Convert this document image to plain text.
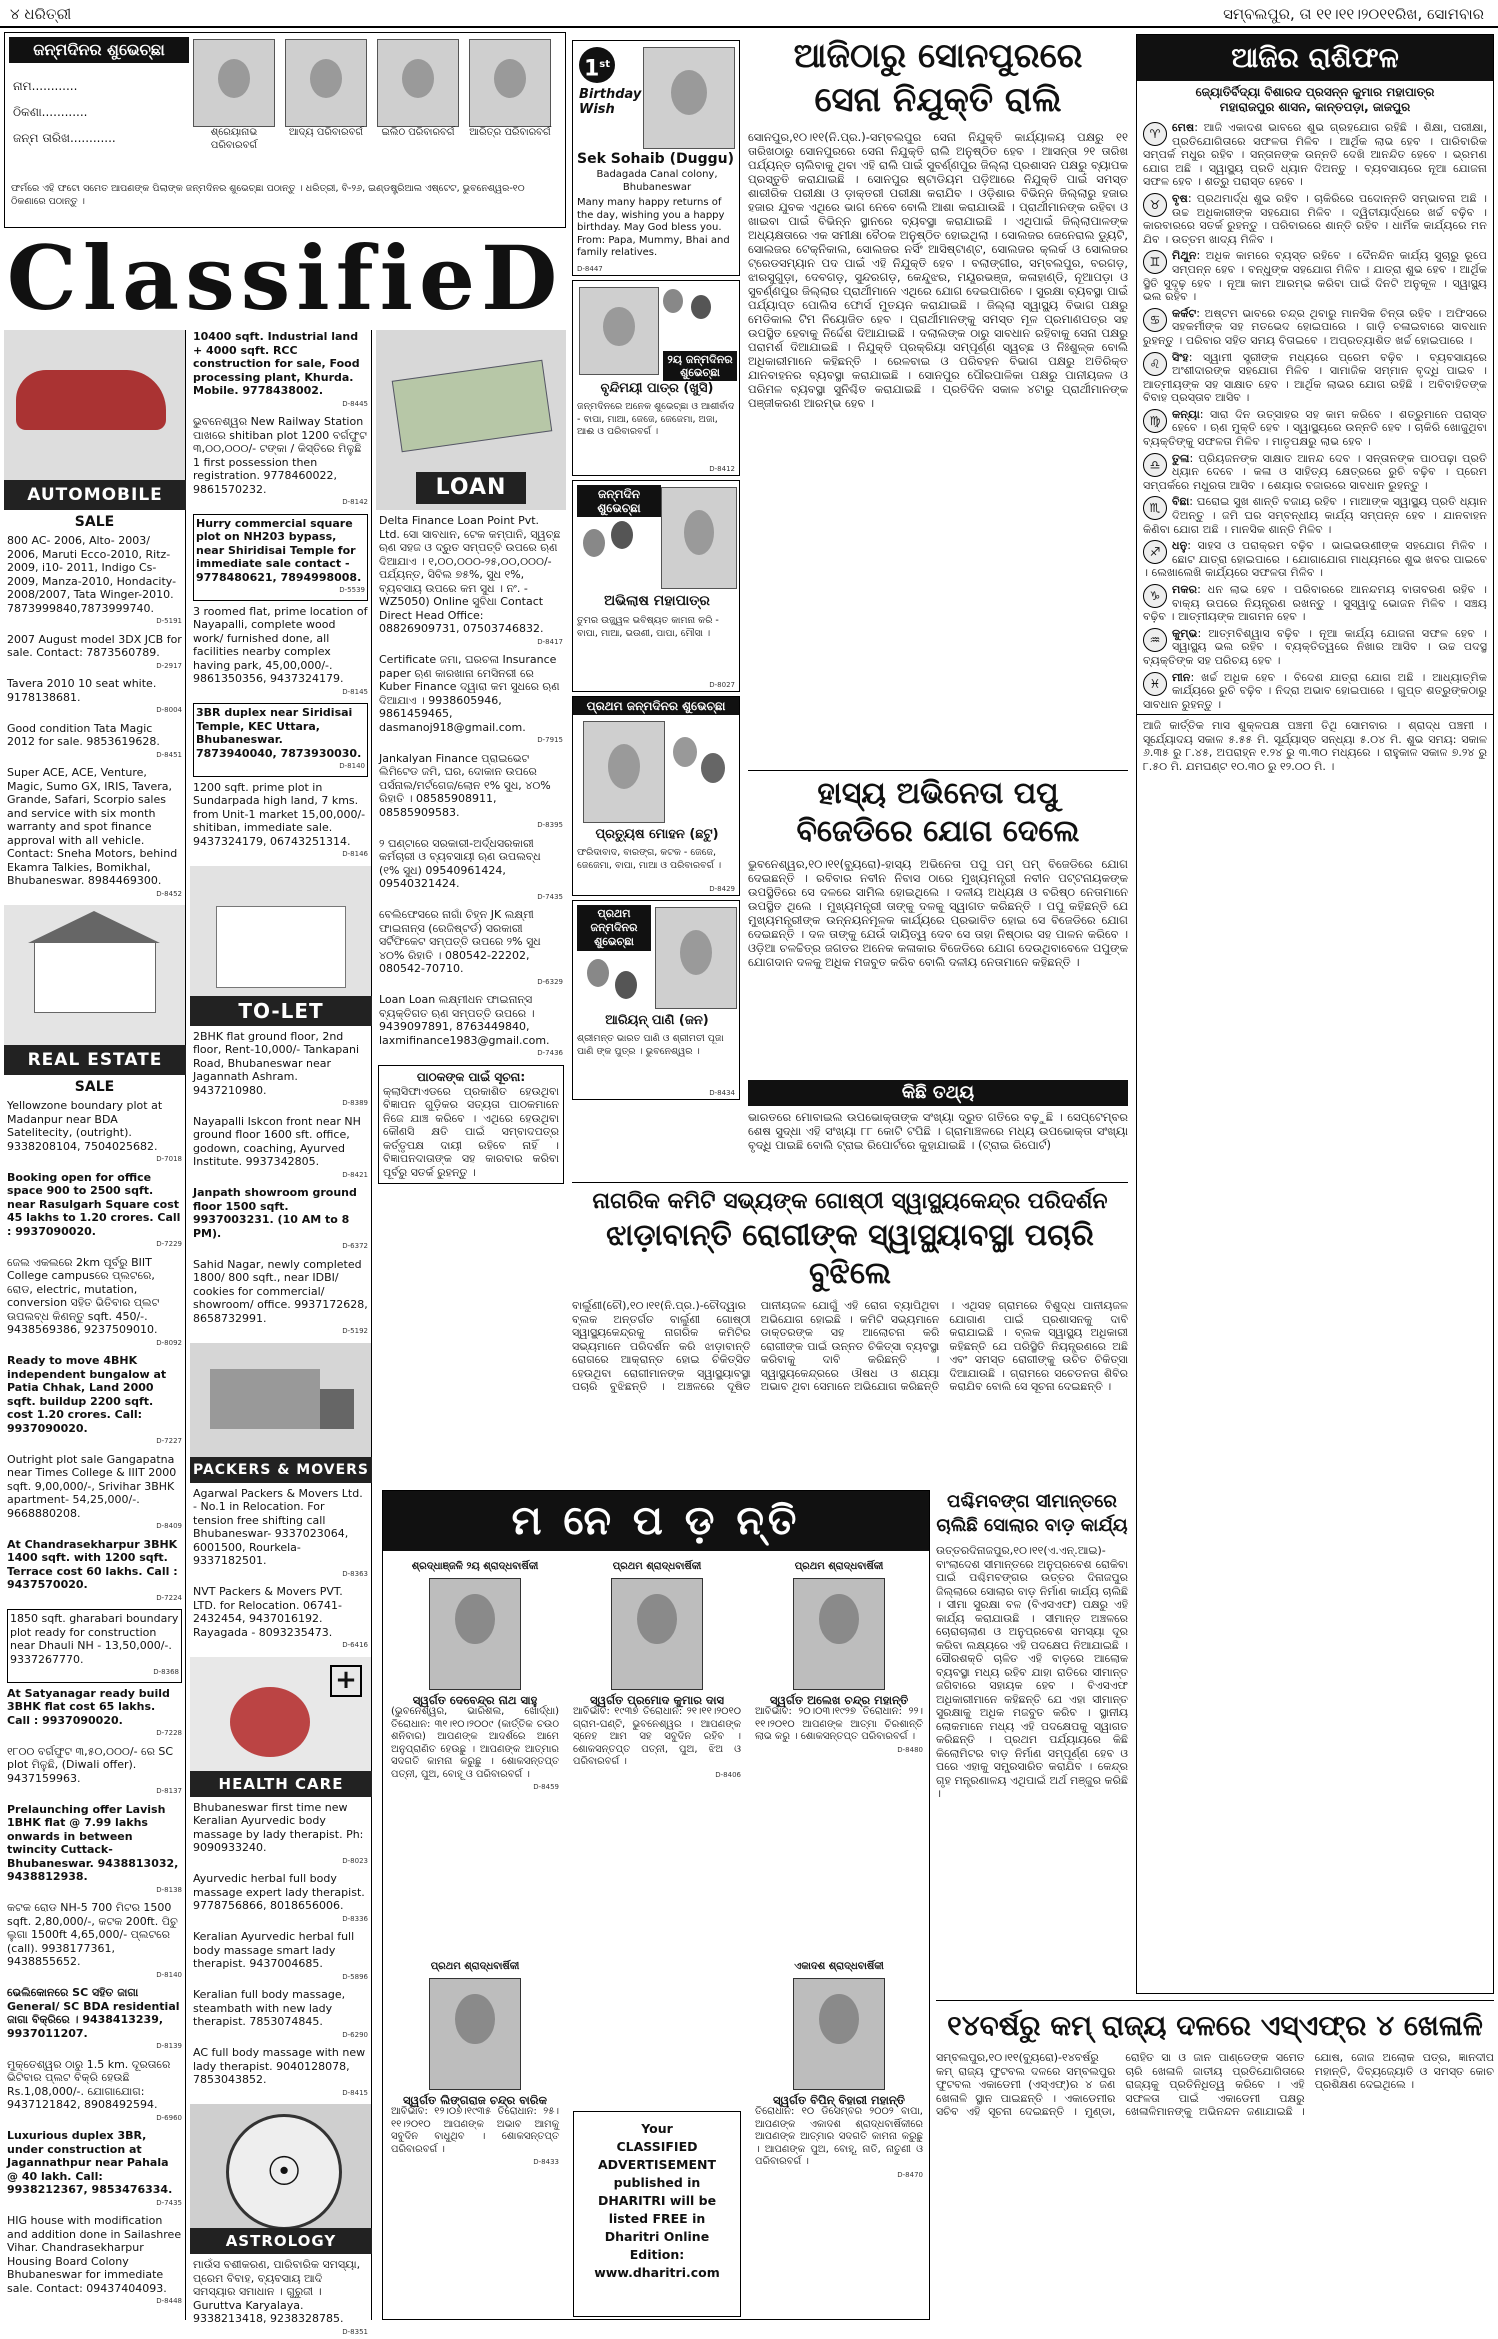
୪ ଧରିତ୍ରୀ	ସମ୍ବଲପୁର, ତା ୧୧।୧୧।୨୦୧୧ରିଖ, ସୋମବାର
ଜନ୍ମଦିନର ଶୁଭେଚ୍ଛା
ନାମ............
ଠିକଣା............
ଜନ୍ମ ତାରିଖ............	ଶ୍ରେୟାନାଭ ପରିବାରବର୍ଗ
ଆଦ୍ୟ ପରିବାରବର୍ଗ	ଇଲିଠ ପରିବାରବର୍ଗ	ଆରିତ୍ର ପରିବାରବର୍ଗ
ଫର୍ମରେ ଏହି ଫଟୋ ସମେତ ଆପଣଙ୍କ ପିଲାଙ୍କ ଜନ୍ମଦିନର ଶୁଭେଚ୍ଛା ପଠାନ୍ତୁ । ଧରିତ୍ରୀ, ବି-୨୬, ଇଣ୍ଡଷ୍ଟ୍ରିଆଲ ଏଷ୍ଟେଟ, ଭୁବନେଶ୍ୱର-୧୦ ଠିକଣାରେ ପଠାନ୍ତୁ ।
ClassifieD
1st
Birthday
Wish
Sek Sohaib (Duggu)
Badagada Canal colony, Bhubaneswar
Many many happy returns of the day, wishing you a happy birthday. May God bless you. From: Papa, Mummy, Bhai and family relatives.
D-8447
୨ୟ ଜନ୍ମଦିନର ଶୁଭେଚ୍ଛା
ବୃନ୍ଦିମୟୀ ପାତ୍ର (ଖୁସି)
ଜନ୍ମଦିନରେ ଅନେକ ଶୁଭେଚ୍ଛା ଓ ଆଶୀର୍ବାଦ - ବାପା, ମାଆ, ଜେଜେ, ଜେଜେମା, ଅଜା, ଆଈ ଓ ପରିବାରବର୍ଗ ।
D-8412
ଜନ୍ମଦିନ ଶୁଭେଚ୍ଛା
ଅଭିଲାଷ ମହାପାତ୍ର
ତୁମର ଉଜ୍ଜ୍ୱଳ ଭବିଷ୍ୟତ କାମନା କରି - ବାପା, ମାଆ, ଭଉଣୀ, ପାପା, ମୌସା ।
D-8027
ପ୍ରଥମ ଜନ୍ମଦିନର ଶୁଭେଚ୍ଛା
ପ୍ରତ୍ୟୁଷ ମୋହନ (ଛଟୁ)
ଫରିଦାବାଦ, ବାରଙ୍ଗ, କଟକ - ଜେଜେ, ଜେଜେମା, ବାପା, ମାଆ ଓ ପରିବାରବର୍ଗ ।
D-8429
ପ୍ରଥମ ଜନ୍ମଦିନର ଶୁଭେଚ୍ଛା
ଆରିୟନ୍ ପାଣି (ଜନ)
ଶ୍ରୀମନ୍ତ ଭାରତ ପାଣି ଓ ଶ୍ରୀମତୀ ପୂଜା ପାଣି ଙ୍କ ପୁତ୍ର । ଭୁବନେଶ୍ୱର ।
D-8434
AUTOMOBILE
SALE
800 AC- 2006, Alto- 2003/ 2006, Maruti Ecco-2010, Ritz-2009, i10- 2011, Indigo Cs-2009, Manza-2010, Hondacity-2008/2007, Tata Winger-2010. 7873999840,7873999740.
D-5191
2007 August model 3DX JCB for sale. Contact: 7873560789.
D-2917
Tavera 2010 10 seat white. 9178138681.
D-8004
Good condition Tata Magic 2012 for sale. 9853619628.
D-8451
Super ACE, ACE, Venture, Magic, Sumo GX, IRIS, Tavera, Grande, Safari, Scorpio sales and service with six month warranty and spot finance approval with all vehicle. Contact: Sneha Motors, behind Ekamra Talkies, Bomikhal, Bhubaneswar. 8984469300.
D-8452
REAL ESTATE
SALE
Yellowzone boundary plot at Madanpur near BDA Satelitecity, (outright). 9338208104, 7504025682.
D-7018
Booking open for office space 900 to 2500 sqft. near Rasulgarh Square cost 45 lakhs to 1.20 crores. Call : 9937090020.
D-7229
ଜେଲ ଏକଲରେ 2km ପୂର୍ବରୁ BIIT College campusରେ ପ୍ଲଟରେ, ରୋଡ, electric, mutation, conversion ସହିତ ଭିତିବାର ପ୍ଲଟ ଉପଲବ୍ଧ କିଣନ୍ତୁ sqft. 450/-. 9438569386, 9237509010.
D-8092
Ready to move 4BHK independent bungalow at Patia Chhak, Land 2000 sqft. buildup 2200 sqft. cost 1.20 crores. Call: 9937090020.
D-7227
Outright plot sale Gangapatna near Times College & IIIT 2000 sqft. 9,00,000/-, Srivihar 3BHK apartment- 54,25,000/-. 9668880208.
D-8409
At Chandrasekharpur 3BHK 1400 sqft. with 1200 sqft. Terrace cost 60 lakhs. Call : 9437570020.
D-7224
1850 sqft. gharabari boundary plot ready for construction near Dhauli NH - 13,50,000/-. 9337267770.
D-8368
At Satyanagar ready build 3BHK flat cost 65 lakhs. Call : 9937090020.
D-7228
୧୮୦୦ ବର୍ଗଫୁଟ ୩,୫୦,୦୦୦/- ରେ SC plot ମିଳୁଛି, (Diwali offer). 9437159963.
D-8137
Prelaunching offer Lavish 1BHK flat @ 7.99 lakhs onwards in between twincity Cuttack-Bhubaneswar. 9438813032, 9438812938.
D-8138
କଟକ ରୋଡ NH-5 700 ମିଟର 1500 sqft. 2,80,000/-, କଟକ 200ft. ପିଚୁ ଲୁଗା 1500ft 4,65,000/- ପ୍ଲଟରେ (call). 9938177361, 9438855652.
D-8140
ଭେଲିକୋନରେ SC ସହିତ ଜାଗା General/ SC BDA residential ଜାଗା ବିକ୍ରିରେ । 9438413239, 9937011207.
D-8139
ମୁକ୍ତେଶ୍ୱର ଠାରୁ 1.5 km. ଦୂରତାରେ ଭିଟିବାର ପ୍ଲଟ ବିକ୍ରି ହେଉଛି Rs.1,08,000/-. ଯୋଗାଯୋଗ: 9437121842, 8908492594.
D-6960
Luxurious duplex 3BR, under construction at Jagannathpur near Pahala @ 40 lakh. Call: 9938212367, 9853476334.
D-7435
HIG house with modification and addition done in Sailashree Vihar. Chandrasekharpur Housing Board Colony Bhubaneswar for immediate sale. Contact: 09437404093.
D-8448
10400 sqft. Industrial land + 4000 sqft. RCC construction for sale, Food processing plant, Khurda. Mobile. 9778438002.
D-8445
ଭୁବନେଶ୍ୱର New Railway Station ପାଖରେ shitiban plot 1200 ବର୍ଗଫୁଟ ୩,୦୦,୦୦୦/- ଟଙ୍କା / କିସ୍ତିରେ ମିଳୁଛି 1 first possession then registration. 9778460022, 9861570232.
D-8142
Hurry commercial square plot on NH203 bypass, near Shiridisai Temple for immediate sale contact - 9778480621, 7894998008.
D-5539
3 roomed flat, prime location of Nayapalli, complete wood work/ furnished done, all facilities nearby complex having park, 45,00,000/-. 9861350356, 9437324179.
D-8145
3BR duplex near Siridisai Temple, KEC Uttara, Bhubaneswar. 7873940040, 7873930030.
D-8140
1200 sqft. prime plot in Sundarpada high land, 7 kms. from Unit-1 market 15,00,000/- shitiban, immediate sale. 9437324179, 06743251314.
D-8146
TO-LET
2BHK flat ground floor, 2nd floor, Rent-10,000/- Tankapani Road, Bhubaneswar near Jagannath Ashram. 9437210980.
D-8389
Nayapalli Iskcon front near NH ground floor 1600 sft. office, godown, coaching, Ayurved Institute. 9937342805.
D-8421
Janpath showroom ground floor 1500 sqft. 9937003231. (10 AM to 8 PM).
D-6372
Sahid Nagar, newly completed 1800/ 800 sqft., near IDBI/ cookies for commercial/ showroom/ office. 9937172628, 8658732991.
D-5192
PACKERS & MOVERS
Agarwal Packers & Movers Ltd. - No.1 in Relocation. For tension free shifting call Bhubaneswar- 9337023064, 6001500, Rourkela-9337182501.
D-8363
NVT Packers & Movers PVT. LTD. for Relocation. 06741-2432454, 9437016192. Rayagada - 8093235473.
D-6416
+
HEALTH CARE
Bhubaneswar first time new Keralian Ayurvedic body massage by lady therapist. Ph: 9090933240.
D-8023
Ayurvedic herbal full body massage expert lady therapist. 9778756866, 8018656006.
D-8336
Keralian Ayurvedic herbal full body massage smart lady therapist. 9437004685.
D-5896
Keralian full body massage, steambath with new lady therapist. 7853074845.
D-6290
AC full body massage with new lady therapist. 9040128078, 7853043852.
D-8415
☉
ASTROLOGY
ମାଉଁସ ବଶୀକରଣ, ପାରିବାରିକ ସମସ୍ୟା, ପ୍ରେମ ବିବାହ, ବ୍ୟବସାୟ ଆଦି ସମସ୍ୟାର ସମାଧାନ । ଗୁରୁଜୀ । Guruttva Karyalaya. 9338213418, 9238328785.
D-8351
LOAN
Delta Finance Loan Point Pvt. Ltd. ସୋ ସାବଧାନ, ଟେକ କମ୍ପାନି, ସ୍ୱଚ୍ଛ ଋଣ ସହଜ ଓ ଦ୍ରୁତ ସମ୍ପତ୍ତି ଉପରେ ଋଣ ଦିଆଯାଏ । ୧,୦୦,୦୦୦-୨୫,୦୦,୦୦୦/- ପର୍ଯ୍ୟନ୍ତ, ସିବିଲ ୭୫%, ସୁଧ ୧%, ବ୍ୟବସାୟ ଉପରେ କମ ସୁଧ । ନଂ. - WZ5050) Online ସୁବିଧା Contact Direct Head Office: 08826909731, 07503746832.
D-8417
Certificate ଜମା, ଘରଚଳା Insurance paper ଋଣ କାରଖାନା ମେସିନରୀ ରେ Kuber Finance ଦ୍ୱାରା କମ ସୁଧରେ ଋଣ ଦିଆଯାଏ । 9938605946, 9861459465, dasmanoj918@gmail.com.
D-7915
Jankalyan Finance ପ୍ରାଇଭେଟ ଲିମିଟେଡ ଜମି, ଘର, ଦୋକାନ ଉପରେ ପର୍ସନାଲ/ମର୍ଟଗେଜ/ଲୋନ ୧% ସୁଧ, ୪୦% ରିହାତି । 08585908911, 08585909583.
D-8395
୨ ଘଣ୍ଟାରେ ସରକାରୀ-ଅର୍ଦ୍ଧସରକାରୀ କର୍ମଚାରୀ ଓ ବ୍ୟବସାୟୀ ଋଣ ଉପଲବ୍ଧ (୧% ସୁଧ) 09540961424, 09540321424.
D-7435
ବେଲିଫେସରେ ନାଗାଁ ଚିହ୍ନ JK ଲକ୍ଷ୍ମୀ ଫାଇନାନ୍ସ (ରେଜିଷ୍ଟର୍ଡ) ସରକାରୀ ସର୍ଟିଫିକେଟ ସମ୍ପତ୍ତି ଉପରେ ୨% ସୁଧ ୪୦% ରିହାତି । 080542-22202, 080542-70710.
D-6329
Loan Loan ଲକ୍ଷ୍ମୀଧନ ଫାଇନାନ୍ସ ବ୍ୟକ୍ତିଗତ ଋଣ ସମ୍ପତ୍ତି ଉପରେ । 9439097891, 8763449840, laxmifinance1983@gmail.com.
D-7436
ପାଠକଙ୍କ ପାଇଁ ସୂଚନା:
କ୍ଲାସିଫାଏଡରେ ପ୍ରକାଶିତ ହେଉଥିବା ବିଜ୍ଞାପନ ଗୁଡ଼ିକର ସତ୍ୟତା ପାଠକମାନେ ନିଜେ ଯାଞ୍ଚ କରିବେ । ଏଥିରେ ହେଉଥିବା କୌଣସି କ୍ଷତି ପାଇଁ ସମ୍ବାଦପତ୍ର କର୍ତ୍ତୃପକ୍ଷ ଦାୟୀ ରହିବେ ନାହିଁ । ବିଜ୍ଞାପନଦାତାଙ୍କ ସହ କାରବାର କରିବା ପୂର୍ବରୁ ସତର୍କ ରୁହନ୍ତୁ ।
ଆଜିଠାରୁ ସୋନପୁରରେ
ସେନା ନିଯୁକ୍ତି ରାଲି
ସୋନପୁର,୧୦।୧୧(ନି.ପ୍ର.)-ସମ୍ବଲପୁର ସେନା ନିଯୁକ୍ତି କାର୍ଯ୍ୟାଳୟ ପକ୍ଷରୁ ୧୧ ତାରିଖଠାରୁ ସୋନପୁରରେ ସେନା ନିଯୁକ୍ତି ରାଲି ଅନୁଷ୍ଠିତ ହେବ । ଆସନ୍ତା ୨୧ ତାରିଖ ପର୍ଯ୍ୟନ୍ତ ଚାଲିବାକୁ ଥିବା ଏହି ରାଲି ପାଇଁ ସୁବର୍ଣ୍ଣପୁର ଜିଲ୍ଲା ପ୍ରଶାସନ ପକ୍ଷରୁ ବ୍ୟାପକ ପ୍ରସ୍ତୁତି କରାଯାଇଛି । ସୋନପୁର ଷ୍ଟାଡିୟମ ପଡ଼ିଆରେ ନିଯୁକ୍ତି ପାଇଁ ସମସ୍ତ ଶାରୀରିକ ପରୀକ୍ଷା ଓ ଡ଼ାକ୍ତରୀ ପରୀକ୍ଷା କରାଯିବ । ଓଡ଼ିଶାର ବିଭିନ୍ନ ଜିଲ୍ଲାରୁ ହଜାର ହଜାର ଯୁବକ ଏଥିରେ ଭାଗ ନେବେ ବୋଲି ଆଶା କରାଯାଉଛି । ପ୍ରାର୍ଥୀମାନଙ୍କ ରହିବା ଓ ଖାଇବା ପାଇଁ ବିଭିନ୍ନ ସ୍ଥାନରେ ବ୍ୟବସ୍ଥା କରାଯାଇଛି । ଏଥିପାଇଁ ଜିଲ୍ଲାପାଳଙ୍କ ଅଧ୍ୟକ୍ଷତାରେ ଏକ ସମୀକ୍ଷା ବୈଠକ ଅନୁଷ୍ଠିତ ହୋଇଥିଲା । ସୋଲଜର ଜେନେରାଲ ଡ୍ୟୁଟି, ସୋଲଜର ଟେକ୍ନିକାଲ, ସୋଲଜର ନର୍ସିଂ ଆସିଷ୍ଟାଣ୍ଟ, ସୋଲଜର କ୍ଲର୍କ ଓ ସୋଲଜର ଟ୍ରେଡସମ୍ୟାନ ପଦ ପାଇଁ ଏହି ନିଯୁକ୍ତି ହେବ । ବଲାଙ୍ଗୀର, ସମ୍ବଲପୁର, ବରଗଡ଼, ଝାରସୁଗୁଡ଼ା, ଦେବଗଡ଼, ସୁନ୍ଦରଗଡ଼, କେନ୍ଦୁଝର, ମୟୂରଭଞ୍ଜ, କଳାହାଣ୍ଡି, ନୂଆପଡ଼ା ଓ ସୁବର୍ଣ୍ଣପୁର ଜିଲ୍ଲାର ପ୍ରାର୍ଥୀମାନେ ଏଥିରେ ଯୋଗ ଦେଇପାରିବେ । ସୁରକ୍ଷା ବ୍ୟବସ୍ଥା ପାଇଁ ପର୍ଯ୍ୟାପ୍ତ ପୋଲିସ ଫୋର୍ସ ମୁତୟନ କରାଯାଇଛି । ଜିଲ୍ଲା ସ୍ୱାସ୍ଥ୍ୟ ବିଭାଗ ପକ୍ଷରୁ ମେଡିକାଲ ଟିମ ନିୟୋଜିତ ହେବ । ପ୍ରାର୍ଥୀମାନଙ୍କୁ ସମସ୍ତ ମୂଳ ପ୍ରମାଣପତ୍ର ସହ ଉପସ୍ଥିତ ହେବାକୁ ନିର୍ଦ୍ଦେଶ ଦିଆଯାଇଛି । ଦଲାଲଙ୍କ ଠାରୁ ସାବଧାନ ରହିବାକୁ ସେନା ପକ୍ଷରୁ ପରାମର୍ଶ ଦିଆଯାଇଛି । ନିଯୁକ୍ତି ପ୍ରକ୍ରିୟା ସମ୍ପୂର୍ଣ୍ଣ ସ୍ୱଚ୍ଛ ଓ ନିଃଶୁଳ୍କ ବୋଲି ଅଧିକାରୀମାନେ କହିଛନ୍ତି । ରେଳବାଇ ଓ ପରିବହନ ବିଭାଗ ପକ୍ଷରୁ ଅତିରିକ୍ତ ଯାନବାହନର ବ୍ୟବସ୍ଥା କରାଯାଇଛି । ସୋନପୁର ପୌରପାଳିକା ପକ୍ଷରୁ ପାନୀୟଜଳ ଓ ପରିମଳ ବ୍ୟବସ୍ଥା ସୁନିଶ୍ଚିତ କରାଯାଇଛି । ପ୍ରତିଦିନ ସକାଳ ୪ଟାରୁ ପ୍ରାର୍ଥୀମାନଙ୍କ ପଞ୍ଜୀକରଣ ଆରମ୍ଭ ହେବ ।
ହାସ୍ୟ ଅଭିନେତା ପପୁ
ବିଜେଡିରେ ଯୋଗ ଦେଲେ
ଭୁବନେଶ୍ୱର,୧୦।୧୧(ବ୍ୟୁରୋ)-ହାସ୍ୟ ଅଭିନେତା ପପୁ ପମ୍ ପମ୍ ବିଜେଡିରେ ଯୋଗ ଦେଇଛନ୍ତି । ରବିବାର ନବୀନ ନିବାସ ଠାରେ ମୁଖ୍ୟମନ୍ତ୍ରୀ ନବୀନ ପଟ୍ଟନାୟକଙ୍କ ଉପସ୍ଥିତିରେ ସେ ଦଳରେ ସାମିଲ ହୋଇଥିଲେ । ଦଳୀୟ ଅଧ୍ୟକ୍ଷ ଓ ବରିଷ୍ଠ ନେତାମାନେ ଉପସ୍ଥିତ ଥିଲେ । ମୁଖ୍ୟମନ୍ତ୍ରୀ ତାଙ୍କୁ ଦଳକୁ ସ୍ୱାଗତ କରିଛନ୍ତି । ପପୁ କହିଛନ୍ତି ଯେ ମୁଖ୍ୟମନ୍ତ୍ରୀଙ୍କ ଉନ୍ନୟନମୂଳକ କାର୍ଯ୍ୟରେ ପ୍ରଭାବିତ ହୋଇ ସେ ବିଜେଡିରେ ଯୋଗ ଦେଇଛନ୍ତି । ଦଳ ତାଙ୍କୁ ଯେଉଁ ଦାୟିତ୍ୱ ଦେବ ସେ ତାହା ନିଷ୍ଠାର ସହ ପାଳନ କରିବେ । ଓଡ଼ିଆ ଚଳଚ୍ଚିତ୍ର ଜଗତର ଅନେକ କଳାକାର ବିଜେଡିରେ ଯୋଗ ଦେଉଥିବାବେଳେ ପପୁଙ୍କ ଯୋଗଦାନ ଦଳକୁ ଅଧିକ ମଜବୁତ କରିବ ବୋଲି ଦଳୀୟ ନେତାମାନେ କହିଛନ୍ତି ।
କିଛି ତଥ୍ୟ
ଭାରତରେ ମୋବାଇଲ ଉପଭୋକ୍ତାଙ୍କ ସଂଖ୍ୟା ଦ୍ରୁତ ଗତିରେ ବଢ଼ୁଛି । ସେପ୍ଟେମ୍ବର ଶେଷ ସୁଦ୍ଧା ଏହି ସଂଖ୍ୟା ୮୮ କୋଟି ଟପିଛି । ଗ୍ରାମାଞ୍ଚଳରେ ମଧ୍ୟ ଉପଭୋକ୍ତା ସଂଖ୍ୟା ବୃଦ୍ଧି ପାଇଛି ବୋଲି ଟ୍ରାଇ ରିପୋର୍ଟରେ କୁହାଯାଇଛି । (ଟ୍ରାଇ ରିପୋର୍ଟ)
ନାଗରିକ କମିଟି ସଭ୍ୟଙ୍କ ଗୋଷ୍ଠୀ ସ୍ୱାସ୍ଥ୍ୟକେନ୍ଦ୍ର ପରିଦର୍ଶନ
ଝାଡ଼ାବାନ୍ତି ରୋଗୀଙ୍କ ସ୍ୱାସ୍ଥ୍ୟାବସ୍ଥା ପଚାରି ବୁଝିଲେ
ବାର୍ଲୁଣୀ(ଚୌ),୧୦।୧୧(ନି.ପ୍ର.)-ଚୌଦ୍ୱାର ବ୍ଲକ ଅନ୍ତର୍ଗତ ବାର୍ଲୁଣୀ ଗୋଷ୍ଠୀ ସ୍ୱାସ୍ଥ୍ୟକେନ୍ଦ୍ରକୁ ନାଗରିକ କମିଟିର ସଭ୍ୟମାନେ ପରିଦର୍ଶନ କରି ଝାଡ଼ାବାନ୍ତି ରୋଗରେ ଆକ୍ରାନ୍ତ ହୋଇ ଚିକିତ୍ସିତ ହେଉଥିବା ରୋଗୀମାନଙ୍କ ସ୍ୱାସ୍ଥ୍ୟାବସ୍ଥା ପଚାରି ବୁଝିଛନ୍ତି । ଅଞ୍ଚଳରେ ଦୂଷିତ ପାନୀୟଜଳ ଯୋଗୁଁ ଏହି ରୋଗ ବ୍ୟାପିଥିବା ଅଭିଯୋଗ ହୋଇଛି । କମିଟି ସଭ୍ୟମାନେ ଡାକ୍ତରଙ୍କ ସହ ଆଲୋଚନା କରି ରୋଗୀଙ୍କ ପାଇଁ ଉନ୍ନତ ଚିକିତ୍ସା ବ୍ୟବସ୍ଥା କରିବାକୁ ଦାବି କରିଛନ୍ତି । ସ୍ୱାସ୍ଥ୍ୟକେନ୍ଦ୍ରରେ ଔଷଧ ଓ ଶଯ୍ୟା ଅଭାବ ଥିବା ସେମାନେ ଅଭିଯୋଗ କରିଛନ୍ତି । ଏଥିସହ ଗ୍ରାମରେ ବିଶୁଦ୍ଧ ପାନୀୟଜଳ ଯୋଗାଣ ପାଇଁ ପ୍ରଶାସନକୁ ଦାବି କରାଯାଇଛି । ବ୍ଲକ ସ୍ୱାସ୍ଥ୍ୟ ଅଧିକାରୀ କହିଛନ୍ତି ଯେ ପରିସ୍ଥିତି ନିୟନ୍ତ୍ରଣରେ ଅଛି ଏବଂ ସମସ୍ତ ରୋଗୀଙ୍କୁ ଉଚିତ ଚିକିତ୍ସା ଦିଆଯାଉଛି । ଗ୍ରାମରେ ସଚେତନତା ଶିବିର କରାଯିବ ବୋଲି ସେ ସୂଚନା ଦେଇଛନ୍ତି ।
ମ ନେ ପ ଡ଼ ନ୍ତି
ଶ୍ରଦ୍ଧାଞ୍ଜଳି ୨ୟ ଶ୍ରାଦ୍ଧବାର୍ଷିକୀ
ସ୍ୱର୍ଗତ ଦେବେନ୍ଦ୍ର ନାଥ ସାହୁ
(ଭୁବନେଶ୍ୱର, ଭାରିଶଲ, ଖୋର୍ଦ୍ଧା) ତିରୋଧାନ: ୩୧।୧୦।୨୦୦୯ (କାର୍ତ୍ତିକ ଚଉଠ ଶନିବାର) ଆପଣଙ୍କ ଆଦର୍ଶରେ ଆମେ ଅନୁପ୍ରାଣିତ ହେଉଛୁ । ଆପଣଙ୍କ ଆତ୍ମାର ସଦଗତି କାମନା କରୁଛୁ । ଶୋକସନ୍ତପ୍ତ ପତ୍ନୀ, ପୁଅ, ବୋହୂ ଓ ପରିବାରବର୍ଗ ।
D-8459
ପ୍ରଥମ ଶ୍ରାଦ୍ଧବାର୍ଷିକୀ
ସ୍ୱର୍ଗତ ପ୍ରମୋଦ କୁମାର ଦାସ
ଆବିର୍ଭାବ: ୧୯୩୭ ତିରୋଧାନ: ୨୧।୧୧।୨୦୧୦ ଗ୍ରାମ-ଘଣ୍ଟି, ଭୁବନେଶ୍ୱର । ଆପଣଙ୍କ ସ୍ନେହ ଆମ ସହ ସବୁଦିନ ରହିବ । ଶୋକସନ୍ତପ୍ତ ପତ୍ନୀ, ପୁଅ, ଝିଅ ଓ ପରିବାରବର୍ଗ ।
D-8406
ପ୍ରଥମ ଶ୍ରାଦ୍ଧବାର୍ଷିକୀ
ସ୍ୱର୍ଗତ ଅଲେଖ ଚନ୍ଦ୍ର ମହାନ୍ତି
ଆବିର୍ଭାବ: ୨୦।୦୩।୧୯୨୭ ତିରୋଧାନ: ୨୨।୧୧।୨୦୧୦ ଆପଣଙ୍କ ଆତ୍ମା ଚିରଶାନ୍ତି ଲାଭ କରୁ । ଶୋକସନ୍ତପ୍ତ ପରିବାରବର୍ଗ ।
D-8480
ପ୍ରଥମ ଶ୍ରାଦ୍ଧବାର୍ଷିକୀ
ସ୍ୱର୍ଗତ ଲିଙ୍ଗରାଜ ଚନ୍ଦ୍ର ବାରିକ
ଆବିର୍ଭାବ: ୧୨।୦୭।୧୯୩୫ ତିରୋଧାନ: ୨୫।୧୧।୨୦୧୦ ଆପଣଙ୍କ ଅଭାବ ଆମକୁ ସବୁଦିନ ବାଧୁଥିବ । ଶୋକସନ୍ତପ୍ତ ପରିବାରବର୍ଗ ।
D-8433
Your
CLASSIFIED
ADVERTISEMENT
published in
DHARITRI will be
listed FREE in
Dharitri Online
Edition:
www.dharitri.com
ଏକାଦଶ ଶ୍ରାଦ୍ଧବାର୍ଷିକୀ
ସ୍ୱର୍ଗତ ବିପିନ୍ ବିହାରୀ ମହାନ୍ତି
ତିରୋଧାନ: ୧୦ ଡିସେମ୍ବର ୨୦୦୨ ବାପା, ଆପଣଙ୍କ ଏକାଦଶ ଶ୍ରାଦ୍ଧବାର୍ଷିକୀରେ ଆପଣଙ୍କ ଆତ୍ମାର ସଦଗତି କାମନା କରୁଛୁ । ଆପଣଙ୍କ ପୁଅ, ବୋହୂ, ନାତି, ନାତୁଣୀ ଓ ପରିବାରବର୍ଗ ।
D-8470
ପଶ୍ଚିମବଙ୍ଗ ସୀମାନ୍ତରେ
ଚାଲିଛି ସୋଲାର ବାଡ଼ କାର୍ଯ୍ୟ
ଉତ୍ତରଦିନାଜପୁର,୧୦।୧୧(ଏ.ଏନ୍.ଆଇ)-ବାଂଲାଦେଶ ସୀମାନ୍ତରେ ଅନୁପ୍ରବେଶ ରୋକିବା ପାଇଁ ପଶ୍ଚିମବଙ୍ଗର ଉତ୍ତର ଦିନାଜପୁର ଜିଲ୍ଲାରେ ସୋଲାର ବାଡ଼ ନିର୍ମାଣ କାର୍ଯ୍ୟ ଚାଲିଛି । ସୀମା ସୁରକ୍ଷା ବଳ (ବିଏସଏଫ) ପକ୍ଷରୁ ଏହି କାର୍ଯ୍ୟ କରାଯାଉଛି । ସୀମାନ୍ତ ଅଞ୍ଚଳରେ ଚୋରାଚାଲାଣ ଓ ଅନୁପ୍ରବେଶ ସମସ୍ୟା ଦୂର କରିବା ଲକ୍ଷ୍ୟରେ ଏହି ପଦକ୍ଷେପ ନିଆଯାଇଛି । ସୌରଶକ୍ତି ଚାଳିତ ଏହି ବାଡ଼ରେ ଆଲୋକ ବ୍ୟବସ୍ଥା ମଧ୍ୟ ରହିବ ଯାହା ରାତିରେ ସୀମାନ୍ତ ଜଗିବାରେ ସହାୟକ ହେବ । ବିଏସଏଫ ଅଧିକାରୀମାନେ କହିଛନ୍ତି ଯେ ଏହା ସୀମାନ୍ତ ସୁରକ୍ଷାକୁ ଅଧିକ ମଜବୁତ କରିବ । ସ୍ଥାନୀୟ ଲୋକମାନେ ମଧ୍ୟ ଏହି ପଦକ୍ଷେପକୁ ସ୍ୱାଗତ କରିଛନ୍ତି । ପ୍ରଥମ ପର୍ଯ୍ୟାୟରେ କିଛି କିଲୋମିଟର ବାଡ଼ ନିର୍ମାଣ ସମ୍ପୂର୍ଣ୍ଣ ହେବ ଓ ପରେ ଏହାକୁ ସମ୍ପ୍ରସାରିତ କରାଯିବ । କେନ୍ଦ୍ର ଗୃହ ମନ୍ତ୍ରଣାଳୟ ଏଥିପାଇଁ ଅର୍ଥ ମଞ୍ଜୁର କରିଛି ।
୧୪ବର୍ଷରୁ କମ୍ ରାଜ୍ୟ ଦଳରେ ଏସ୍‌ଏଫ୍‌ର ୪ ଖେଳାଳି
ସମ୍ବଲପୁର,୧୦।୧୧(ବ୍ୟୁରୋ)-୧୪ବର୍ଷରୁ କମ୍ ରାଜ୍ୟ ଫୁଟବଲ ଦଳରେ ସମ୍ବଲପୁର ଫୁଟବଲ ଏକାଡେମୀ (ଏସ୍‌ଏଫ୍)ର ୪ ଜଣ ଖେଳାଳି ସ୍ଥାନ ପାଇଛନ୍ତି । ଏକାଡେମୀର ସଚିବ ଏହି ସୂଚନା ଦେଇଛନ୍ତି । ମୁଣ୍ଡା, ରୋହିତ ସା ଓ ଜାନ ପାଣ୍ଡେଙ୍କ ସମେତ ଚାରି ଖେଳାଳି ଜାତୀୟ ପ୍ରତିଯୋଗିତାରେ ରାଜ୍ୟକୁ ପ୍ରତିନିଧିତ୍ୱ କରିବେ । ଏହି ସଫଳତା ପାଇଁ ଏକାଡେମୀ ପକ୍ଷରୁ ଖେଳାଳିମାନଙ୍କୁ ଅଭିନନ୍ଦନ ଜଣାଯାଇଛି । ଯୋଷ, ଜୋଜ ଅଲୋକ ପତ୍ର, ଜ୍ଞାନଦୀପ ମହାନ୍ତି, ଦିବ୍ୟଜ୍ୟୋତି ଓ ସମସ୍ତ କୋଚ ପ୍ରଶିକ୍ଷଣ ଦେଇଥିଲେ ।
ଆଜିର ରାଶିଫଳ
ଜ୍ୟୋତିର୍ବିଦ୍ୟା ବିଶାରଦ ପ୍ରସନ୍ନ କୁମାର ମହାପାତ୍ର
ମହାରାଜପୁର ଶାସନ, କାନ୍ତପଡ଼ା, ଜାଜପୁର
♈	ମେଷ: ଆଜି ଏକାଦଶ ଭାବରେ ଶୁଭ ଗ୍ରହଯୋଗ ରହିଛି । ଶିକ୍ଷା, ପରୀକ୍ଷା, ପ୍ରତିଯୋଗିତାରେ ସଫଳତା ମିଳିବ । ଆର୍ଥିକ ଲାଭ ହେବ । ପାରିବାରିକ ସମ୍ପର୍କ ମଧୁର ରହିବ । ସନ୍ତାନଙ୍କ ଉନ୍ନତି ଦେଖି ଆନନ୍ଦିତ ହେବେ । ଭ୍ରମଣ ଯୋଗ ଅଛି । ସ୍ୱାସ୍ଥ୍ୟ ପ୍ରତି ଧ୍ୟାନ ଦିଅନ୍ତୁ । ବ୍ୟବସାୟରେ ନୂଆ ଯୋଜନା ସଫଳ ହେବ । ଶତ୍ରୁ ପରାସ୍ତ ହେବେ ।
♉	ବୃଷ: ପ୍ରଥମାର୍ଦ୍ଧ ଶୁଭ ରହିବ । ଚାକିରିରେ ପଦୋନ୍ନତି ସମ୍ଭାବନା ଅଛି । ଉଚ୍ଚ ଅଧିକାରୀଙ୍କ ସହଯୋଗ ମିଳିବ । ଦ୍ୱିତୀୟାର୍ଦ୍ଧରେ ଖର୍ଚ୍ଚ ବଢ଼ିବ । କାରବାରରେ ସତର୍କ ରୁହନ୍ତୁ । ପରିବାରରେ ଶାନ୍ତି ରହିବ । ଧାର୍ମିକ କାର୍ଯ୍ୟରେ ମନ ଯିବ । ଉତ୍ତମ ଖାଦ୍ୟ ମିଳିବ ।
♊	ମିଥୁନ: ଅଧିକ କାମରେ ବ୍ୟସ୍ତ ରହିବେ । ଦୈନନ୍ଦିନ କାର୍ଯ୍ୟ ସୁଚାରୁ ରୂପେ ସମ୍ପନ୍ନ ହେବ । ବନ୍ଧୁଙ୍କ ସହଯୋଗ ମିଳିବ । ଯାତ୍ରା ଶୁଭ ହେବ । ଆର୍ଥିକ ସ୍ଥିତି ସୁଦୃଢ଼ ହେବ । ନୂଆ କାମ ଆରମ୍ଭ କରିବା ପାଇଁ ଦିନଟି ଅନୁକୂଳ । ସ୍ୱାସ୍ଥ୍ୟ ଭଲ ରହିବ ।
♋	କର୍କଟ: ଅଷ୍ଟମ ଭାବରେ ଚନ୍ଦ୍ର ଥିବାରୁ ମାନସିକ ଚିନ୍ତା ରହିବ । ଅଫିସରେ ସହକର୍ମୀଙ୍କ ସହ ମତଭେଦ ହୋଇପାରେ । ଗାଡ଼ି ଚଳାଇବାରେ ସାବଧାନ ରୁହନ୍ତୁ । ପରିବାର ସହିତ ସମୟ ବିତାଇବେ । ଅପ୍ରତ୍ୟାଶିତ ଖର୍ଚ୍ଚ ହୋଇପାରେ ।
♌	ସିଂହ: ସ୍ୱାମୀ ସ୍ତ୍ରୀଙ୍କ ମଧ୍ୟରେ ପ୍ରେମ ବଢ଼ିବ । ବ୍ୟବସାୟରେ ଅଂଶୀଦାରଙ୍କ ସହଯୋଗ ମିଳିବ । ସାମାଜିକ ସମ୍ମାନ ବୃଦ୍ଧି ପାଇବ । ଆତ୍ମୀୟଙ୍କ ସହ ସାକ୍ଷାତ ହେବ । ଆର୍ଥିକ ଲାଭର ଯୋଗ ରହିଛି । ଅବିବାହିତଙ୍କ ବିବାହ ପ୍ରସ୍ତାବ ଆସିବ ।
♍	କନ୍ୟା: ସାରା ଦିନ ଉତ୍ସାହର ସହ କାମ କରିବେ । ଶତ୍ରୁମାନେ ପରାସ୍ତ ହେବେ । ଋଣ ମୁକ୍ତି ହେବ । ସ୍ୱାସ୍ଥ୍ୟରେ ଉନ୍ନତି ହେବ । ଚାକିରି ଖୋଜୁଥିବା ବ୍ୟକ୍ତିଙ୍କୁ ସଫଳତା ମିଳିବ । ମାତୃପକ୍ଷରୁ ଲାଭ ହେବ ।
♎	ତୁଳା: ପ୍ରିୟଜନଙ୍କ ସାକ୍ଷାତ ଆନନ୍ଦ ଦେବ । ସନ୍ତାନଙ୍କ ପାଠପଢ଼ା ପ୍ରତି ଧ୍ୟାନ ଦେବେ । କଳା ଓ ସାହିତ୍ୟ କ୍ଷେତ୍ରରେ ରୁଚି ବଢ଼ିବ । ପ୍ରେମ ସମ୍ପର୍କରେ ମଧୁରତା ଆସିବ । ଶେୟାର ବଜାରରେ ସାବଧାନ ରୁହନ୍ତୁ ।
♏	ବିଛା: ଘରୋଇ ସୁଖ ଶାନ୍ତି ବଜାୟ ରହିବ । ମାଆଙ୍କ ସ୍ୱାସ୍ଥ୍ୟ ପ୍ରତି ଧ୍ୟାନ ଦିଅନ୍ତୁ । ଜମି ଘର ସମ୍ବନ୍ଧୀୟ କାର୍ଯ୍ୟ ସମ୍ପନ୍ନ ହେବ । ଯାନବାହନ କିଣିବା ଯୋଗ ଅଛି । ମାନସିକ ଶାନ୍ତି ମିଳିବ ।
♐	ଧନୁ: ସାହସ ଓ ପରାକ୍ରମ ବଢ଼ିବ । ଭାଇଭଉଣୀଙ୍କ ସହଯୋଗ ମିଳିବ । ଛୋଟ ଯାତ୍ରା ହୋଇପାରେ । ଯୋଗାଯୋଗ ମାଧ୍ୟମରେ ଶୁଭ ଖବର ପାଇବେ । ଲେଖାଲେଖି କାର୍ଯ୍ୟରେ ସଫଳତା ମିଳିବ ।
♑	ମକର: ଧନ ଲାଭ ହେବ । ପରିବାରରେ ଆନନ୍ଦମୟ ବାତାବରଣ ରହିବ । ବାକ୍ୟ ଉପରେ ନିୟନ୍ତ୍ରଣ ରଖନ୍ତୁ । ସୁସ୍ୱାଦୁ ଭୋଜନ ମିଳିବ । ସଞ୍ଚୟ ବଢ଼ିବ । ଆତ୍ମୀୟଙ୍କ ଆଗମନ ହେବ ।
♒	କୁମ୍ଭ: ଆତ୍ମବିଶ୍ୱାସ ବଢ଼ିବ । ନୂଆ କାର୍ଯ୍ୟ ଯୋଜନା ସଫଳ ହେବ । ସ୍ୱାସ୍ଥ୍ୟ ଭଲ ରହିବ । ବ୍ୟକ୍ତିତ୍ୱରେ ନିଖାର ଆସିବ । ଉଚ୍ଚ ପଦସ୍ଥ ବ୍ୟକ୍ତିଙ୍କ ସହ ପରିଚୟ ହେବ ।
♓	ମୀନ: ଖର୍ଚ୍ଚ ଅଧିକ ହେବ । ବିଦେଶ ଯାତ୍ରା ଯୋଗ ଅଛି । ଆଧ୍ୟାତ୍ମିକ କାର୍ଯ୍ୟରେ ରୁଚି ବଢ଼ିବ । ନିଦ୍ରା ଅଭାବ ହୋଇପାରେ । ଗୁପ୍ତ ଶତ୍ରୁଙ୍କଠାରୁ ସାବଧାନ ରୁହନ୍ତୁ ।
ଆଜି କାର୍ତ୍ତିକ ମାସ ଶୁକ୍ଳପକ୍ଷ ପଞ୍ଚମୀ ତିଥି ସୋମବାର । ଶ୍ରାଦ୍ଧ ପଞ୍ଚମୀ । ସୂର୍ଯ୍ୟୋଦୟ ସକାଳ ୫.୫୫ ମି. ସୂର୍ଯ୍ୟାସ୍ତ ସନ୍ଧ୍ୟା ୫.୦୪ ମି. ଶୁଭ ସମୟ: ସକାଳ ୬.୩୫ ରୁ ୮.୪୫, ଅପରାହ୍ନ ୧.୨୪ ରୁ ୩.୩୦ ମଧ୍ୟରେ । ରାହୁକାଳ ସକାଳ ୭.୨୪ ରୁ ୮.୫୦ ମି. ଯମଘଣ୍ଟ ୧୦.୩୦ ରୁ ୧୨.୦୦ ମି. ।
